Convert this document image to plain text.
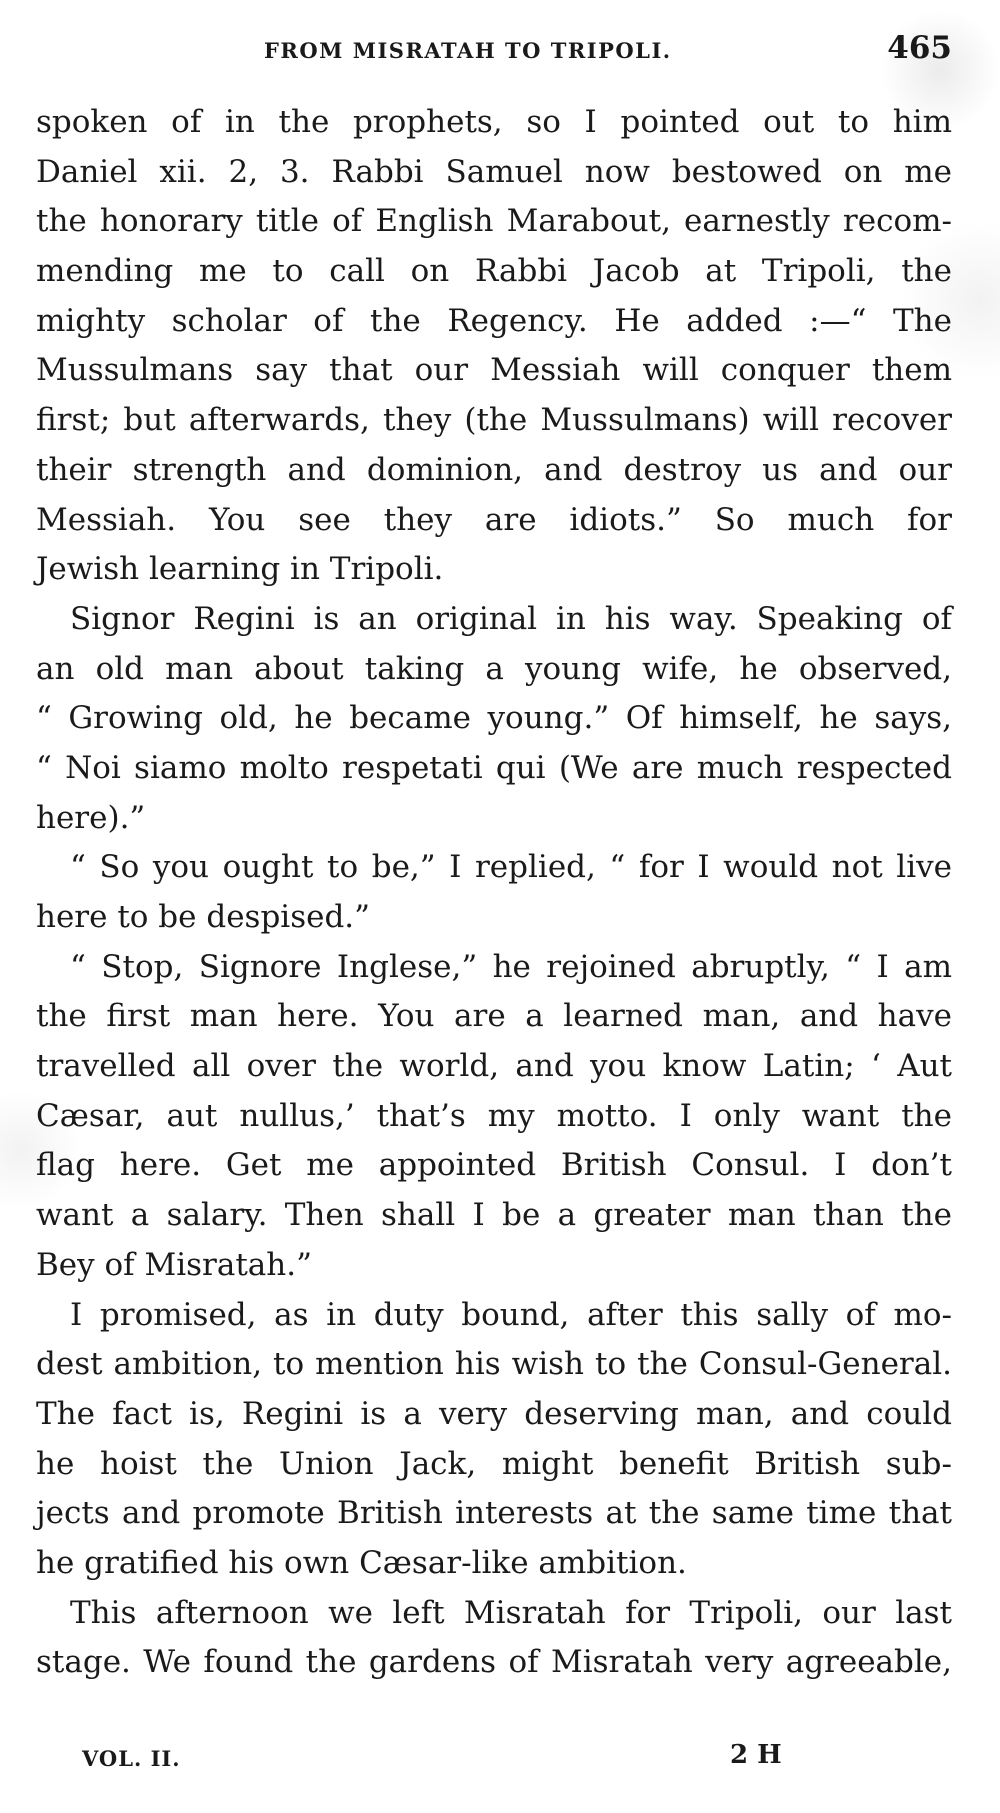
FROM MISRATAH TO TRIPOLI.	465
spoken of in the prophets, so I pointed out to him
Daniel xii. 2, 3. Rabbi Samuel now bestowed on me
the honorary title of English Marabout, earnestly recom-
mending me to call on Rabbi Jacob at Tripoli, the
mighty scholar of the Regency. He added :—“ The
Mussulmans say that our Messiah will conquer them
first; but afterwards, they (the Mussulmans) will recover
their strength and dominion, and destroy us and our
Messiah. You see they are idiots.” So much for
Jewish learning in Tripoli.
Signor Regini is an original in his way. Speaking of
an old man about taking a young wife, he observed,
“ Growing old, he became young.” Of himself, he says,
“ Noi siamo molto respetati qui (We are much respected
here).”
“ So you ought to be,” I replied, “ for I would not live
here to be despised.”
“ Stop, Signore Inglese,” he rejoined abruptly, “ I am
the first man here. You are a learned man, and have
travelled all over the world, and you know Latin; ‘ Aut
Cæsar, aut nullus,’ that’s my motto. I only want the
flag here. Get me appointed British Consul. I don’t
want a salary. Then shall I be a greater man than the
Bey of Misratah.”
I promised, as in duty bound, after this sally of mo-
dest ambition, to mention his wish to the Consul-General.
The fact is, Regini is a very deserving man, and could
he hoist the Union Jack, might benefit British sub-
jects and promote British interests at the same time that
he gratified his own Cæsar-like ambition.
This afternoon we left Misratah for Tripoli, our last
stage. We found the gardens of Misratah very agreeable,
VOL. II.	2 H
